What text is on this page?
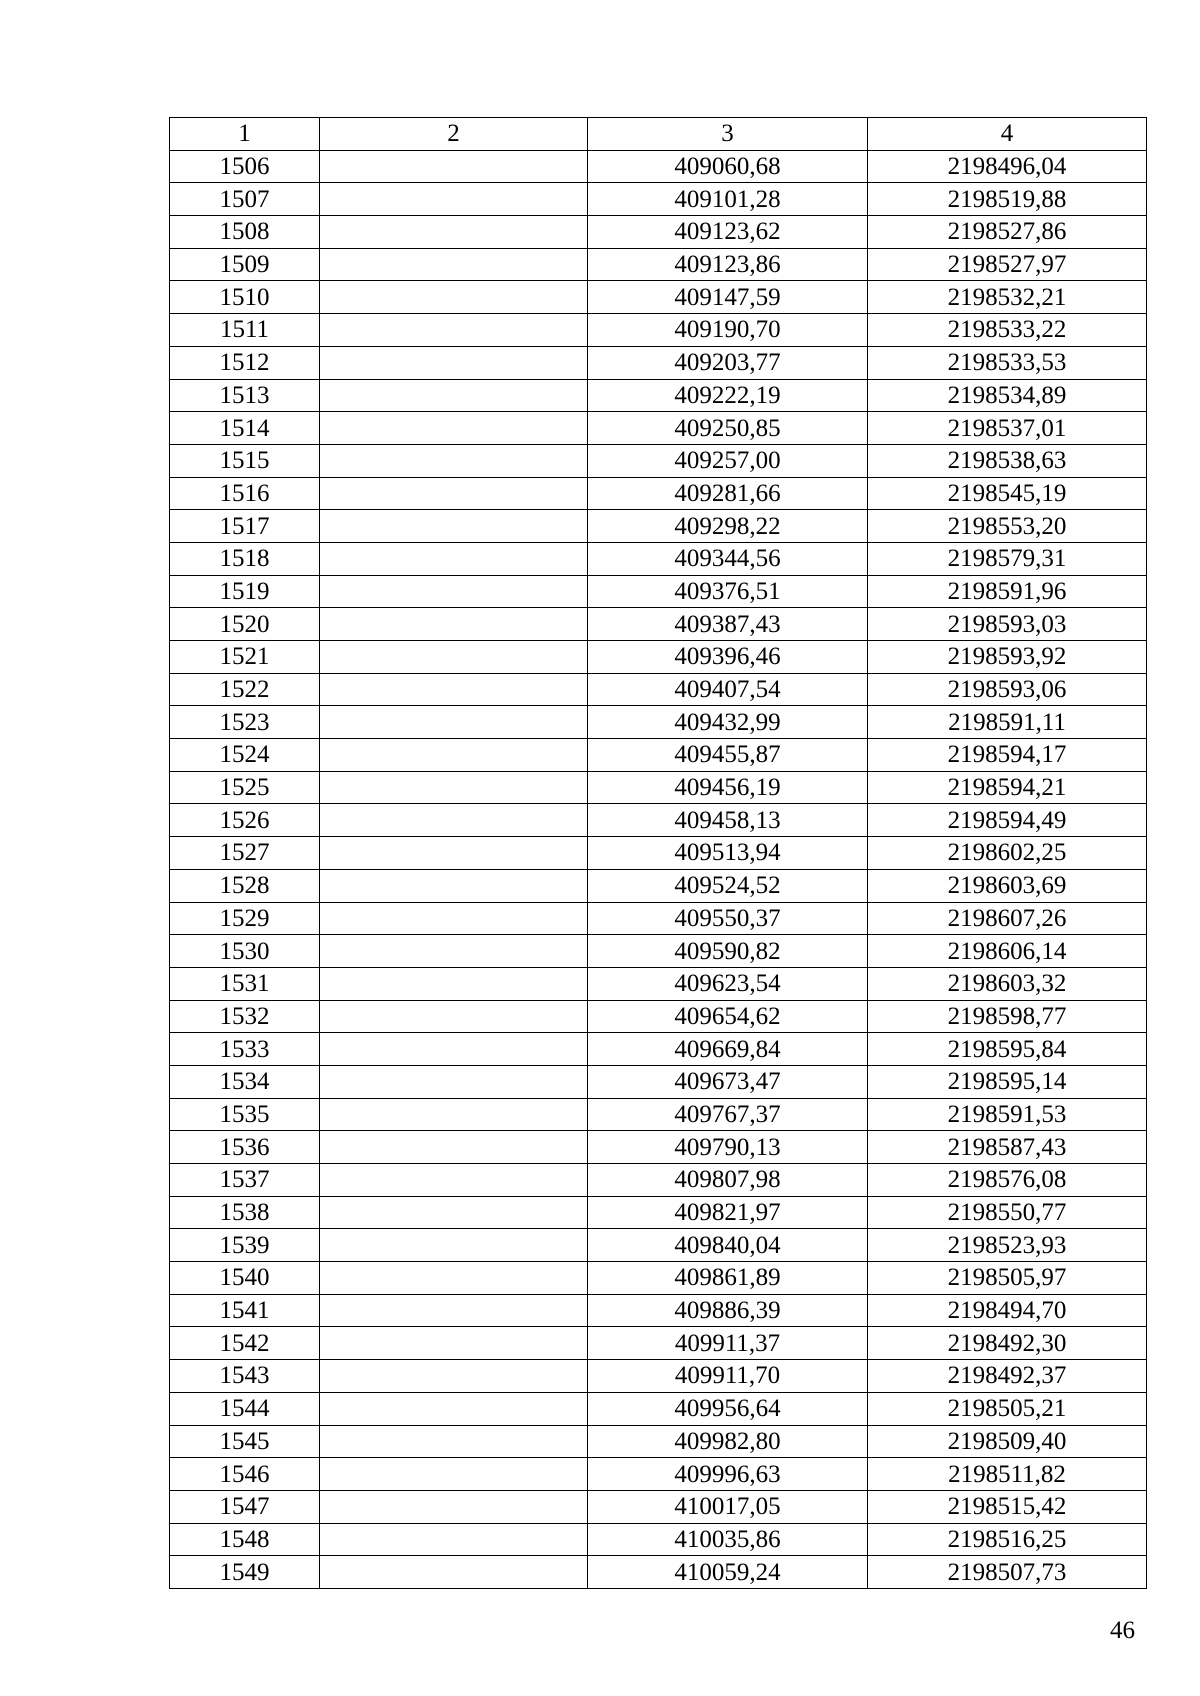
1	2	3	4
1506		409060,68	2198496,04
1507		409101,28	2198519,88
1508		409123,62	2198527,86
1509		409123,86	2198527,97
1510		409147,59	2198532,21
1511		409190,70	2198533,22
1512		409203,77	2198533,53
1513		409222,19	2198534,89
1514		409250,85	2198537,01
1515		409257,00	2198538,63
1516		409281,66	2198545,19
1517		409298,22	2198553,20
1518		409344,56	2198579,31
1519		409376,51	2198591,96
1520		409387,43	2198593,03
1521		409396,46	2198593,92
1522		409407,54	2198593,06
1523		409432,99	2198591,11
1524		409455,87	2198594,17
1525		409456,19	2198594,21
1526		409458,13	2198594,49
1527		409513,94	2198602,25
1528		409524,52	2198603,69
1529		409550,37	2198607,26
1530		409590,82	2198606,14
1531		409623,54	2198603,32
1532		409654,62	2198598,77
1533		409669,84	2198595,84
1534		409673,47	2198595,14
1535		409767,37	2198591,53
1536		409790,13	2198587,43
1537		409807,98	2198576,08
1538		409821,97	2198550,77
1539		409840,04	2198523,93
1540		409861,89	2198505,97
1541		409886,39	2198494,70
1542		409911,37	2198492,30
1543		409911,70	2198492,37
1544		409956,64	2198505,21
1545		409982,80	2198509,40
1546		409996,63	2198511,82
1547		410017,05	2198515,42
1548		410035,86	2198516,25
1549		410059,24	2198507,73
46
